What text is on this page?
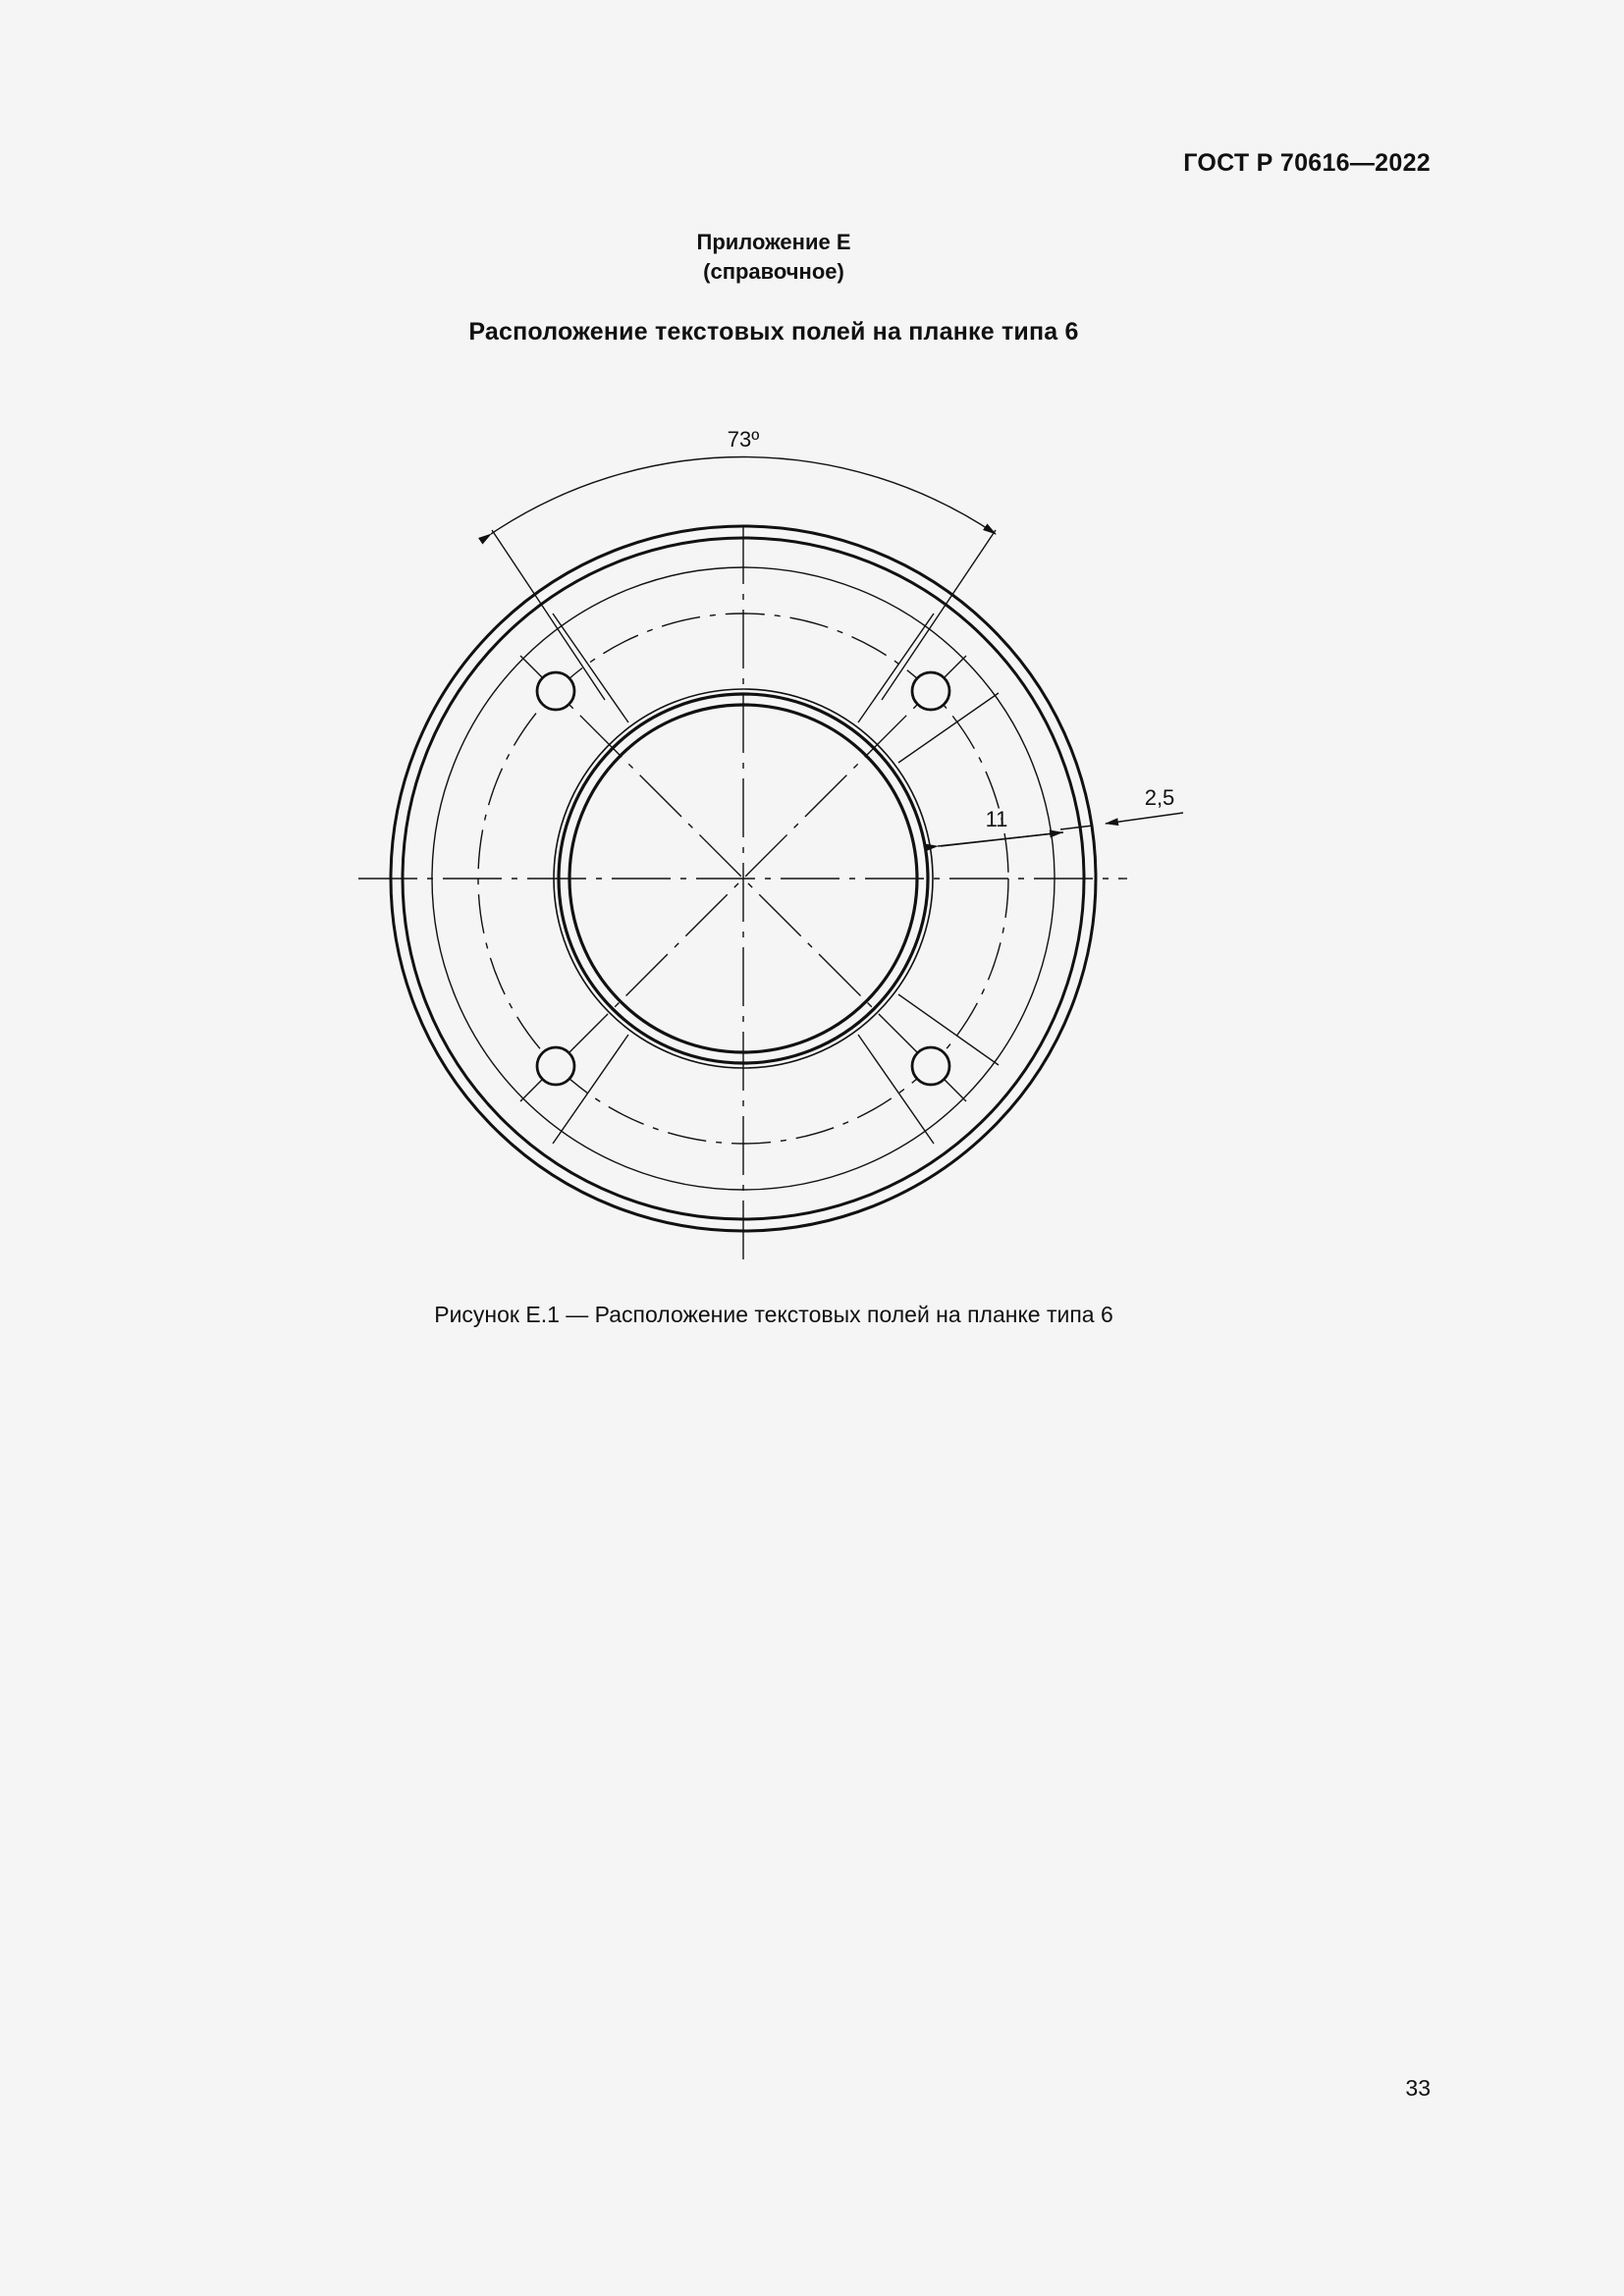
ГОСТ Р 70616—2022
Приложение Е
(справочное)
Расположение текстовых полей на планке типа 6
73º
11
2,5
Рисунок Е.1 — Расположение текстовых полей на планке типа 6
33
